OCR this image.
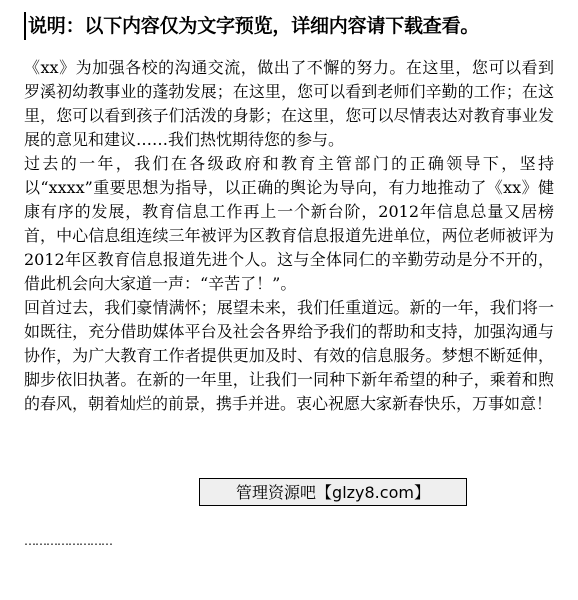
说明：以下内容仅为文字预览，详细内容请下载查看。

《xx》为加强各校的沟通交流，做出了不懈的努力。在这里，您可以看到罗溪初幼教事业的蓬勃发展；在这里，您可以看到老师们辛勤的工作；在这里，您可以看到孩子们活泼的身影；在这里，您可以尽情表达对教育事业发展的意见和建议……我们热忱期待您的参与。

过去的一年，我们在各级政府和教育主管部门的正确领导下，坚持以“xxxx”重要思想为指导，以正确的舆论为导向，有力地推动了《xx》健康有序的发展，教育信息工作再上一个新台阶，2012年信息总量又居榜首，中心信息组连续三年被评为区教育信息报道先进单位，两位老师被评为2012年区教育信息报道先进个人。这与全体同仁的辛勤劳动是分不开的，借此机会向大家道一声：“辛苦了！”。

回首过去，我们豪情满怀；展望未来，我们任重道远。新的一年，我们将一如既往，充分借助媒体平台及社会各界给予我们的帮助和支持，加强沟通与协作，为广大教育工作者提供更加及时、有效的信息服务。梦想不断延伸，脚步依旧执著。在新的一年里，让我们一同种下新年希望的种子，乘着和煦的春风，朝着灿烂的前景，携手并进。衷心祝愿大家新春快乐，万事如意！

……………………
管理资源吧【glzy8.com】
